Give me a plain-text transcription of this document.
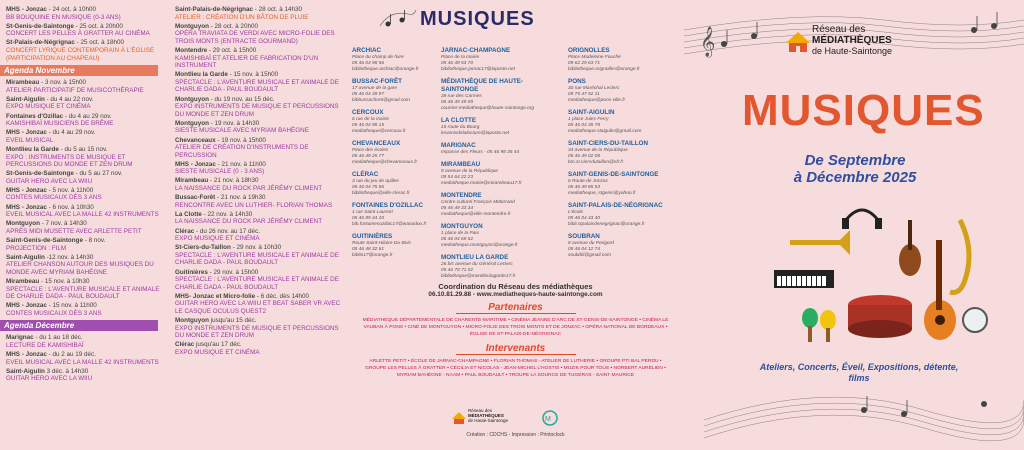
MHS - Jonzac - 24 oct. à 10h00
BB BOUQUINE EN MUSIQUE (0-3 ANS)
St-Genis-de-Saintonge - 25 oct. à 20h00
CONCERT LES PELLES À GRATTER AU CINÉMA
St-Palais-de-Négrignac - 25 oct. à 18h00
CONCERT LYRIQUE CONTEMPORAIN À L'ÉGLISE (PARTICIPATION AU CHAPEAU)
Agenda Novembre
Mirambeau - 3 nov. à 15h00
ATELIER PARTICIPATIF DE MUSICOTHÉRAPIE
Saint-Aigulin - du 4 au 22 nov.
EXPO MUSIQUE ET CINÉMA
Fontaines d'Ozillac - du 4 au 29 nov.
KAMISHIBAÏ MUSICIENS DE BRÊME
MHS - Jonzac - du 4 au 29 nov.
EVEIL MUSICAL
Montlieu la Garde - du 5 au 15 nov.
EXPO : INSTRUMENTS DE MUSIQUE ET PERCUSSIONS DU MONDE ET ZEN DRUM
St-Genis-de-Saintonge - du 5 au 27 nov.
GUITAR HERO AVEC LA WIIU
MHS - Jonzac - 5 nov. à 11h00
CONTES MUSICAUX DÈS 3 ANS
MHS - Jonzac - 6 nov. à 10h30
EVEIL MUSICAL AVEC LA MALLE 42 INSTRUMENTS
Montguyon - 7 nov. à 14h30
APRÈS MIDI MUSETTE AVEC ARLETTE PETIT
Saint-Genis-de-Saintonge - 8 nov.
PROJECTION : FILM
Saint-Aigulin -12 nov. à 14h30
ATELIER CHANSON AUTOUR DES MUSIQUES DU MONDE AVEC MYRIAM BAHÈGNE
Mirambeau - 15 nov. à 10h30
SPECTACLE : L'AVENTURE MUSICALE ET ANIMALE DE CHARLIE DADA - PAUL BOUDAULT
MHS - Jonzac - 15 nov. à 11h00
CONTES MUSICAUX DÈS 3 ANS
Agenda Décembre
Marignac - du 1 au 18 déc.
LECTURE DE KAMISHIBAÏ
MHS - Jonzac - du 2 au 19 déc.
EVEIL MUSICAL AVEC LA MALLE 42 INSTRUMENTS
Saint-Aigulin 3 déc. à 14h30
GUITAR HERO AVEC LA WIIU
Saint-Palais-de-Négrignac - 28 oct. à 14h30
ATELIER : CRÉATION D'UN BÂTON DE PLUIE
Montguyon - 28 oct. à 20h00
OPÉRA TRAVIATA DE VERDI AVEC MICRO-FOLIE DES TROIS MONTS (ENTRACTE GOURMAND)
Montendre - 29 oct. à 15h00
KAMISHIBAÏ ET ATELIER DE FABRICATION D'UN INSTRUMENT
Montlieu la Garde - 15 nov. à 15h00
SPECTACLE : L'AVENTURE MUSICALE ET ANIMALE DE CHARLIE DADA - PAUL BOUDAULT
Montguyon - du 19 nov. au 15 déc.
EXPO INSTRUMENTS DE MUSIQUE ET PERCUSSIONS DU MONDE ET ZEN DRUM
Montguyon - 19 nov. à 14h30
SIESTE MUSICALE AVEC MYRIAM BAHÈGNE
Chevanceaux - 19 nov. à 15h00
ATELIER DE CRÉATION D'INSTRUMENTS DE PERCUSSION
MHS - Jonzac - 21 nov. à 11h00
SIESTE MUSICALE (0 - 3 ANS)
Mirambeau - 21 nov. à 18h30
LA NAISSANCE DU ROCK PAR JÉRÉMY CLIMENT
Bussac-Forêt - 21 nov. à 19h30
RENCONTRE AVEC UN LUTHIER- FLORIAN THOMAS
La Clotte - 22 nov. à 14h30
LA NAISSANCE DU ROCK PAR JÉRÉMY CLIMENT
Clérac - du 26 nov. au 17 déc.
EXPO MUSIQUE ET CINÉMA
St-Ciers-du-Taillon - 29 nov. à 10h30
SPECTACLE : L'AVENTURE MUSICALE ET ANIMALE DE CHARLIE DADA - PAUL BOUDAULT
Guitinières - 29 nov. à 15h00
SPECTACLE : L'AVENTURE MUSICALE ET ANIMALE DE CHARLIE DADA - PAUL BOUDAULT
MHS- Jonzac et Micro-folie - 6 déc. dès 14h00
GUITAR HERO AVEC LA WIIU ET BEAT SABER VR AVEC LE CASQUE OCULUS QUEST2
Montguyon jusqu'au 15 déc.
EXPO INSTRUMENTS DE MUSIQUE ET PERCUSSIONS DU MONDE ET ZEN DRUM
Clérac jusqu'au 17 déc.
EXPO MUSIQUE ET CINÉMA
MUSIQUES
ARCHIAC
Place du champ de foire
05 46 04 98 56
bibliotheque.archiac@orange.fr
BUSSAC-FORÊT
17 avenue de la gare
05 46 04 39 97
bibbussacforet@gmail.com
CERCOUX
6 rue de la mairie
05 46 04 98 15
mediatheque@cercoux.fr
CHEVANCEAUX
Place des écoles
05 46 49 25 77
mediatheque@chevanceaux.fr
CLÉRAC
3 rue du jeu de quilles
05 46 04 75 56
bibliotheque@ville-clerac.fr
FONTAINES D'OZILLAC
1 rue Saint Laurent
05 46 85 44 10
bib.fontainesozillac17@wanadoo.fr
GUITINIÈRES
Route Saint-Hilaire-Du-Bois
05 46 48 32 61
biblio17@orange.fr
JARNAC-CHAMPAGNE
Place de la mairie
05 46 49 53 70
bibliotheque.jarnac17@laposte.net
MÉDIATHÈQUE DE HAUTE-SAINTONGE
39 rue des Carmes
05 46 49 49 09
courrier-mediatheque@haute-saintonge.org
LA CLOTTE
15 route du Bourg
lesamisdelalecture@laposte.net
MARIGNAC
Impasse des Fleurs - 05 46 98 35 44
MIRAMBEAU
9 avenue de la République
09 54 64 22 23
mediatheque.mairie@mirambeau17.fr
MONTENDRE
Centre culturel François Mitterrand
05 46 49 33 34
mediatheque@ville-montendre.fr
MONTGUYON
1 place de la Paix
05 46 04 69 52
mediatheque.montguyon@orange.fr
MONTLIEU LA GARDE
26 bis avenue du Général Leclerc
05 46 70 71 02
bibliotheque@montlieulagarde17.fr
ORIGNOLLES
Place Madeleine Fouché
09 62 29 63 71
bibliotheque.orignolles@orange.fr
PONS
30 rue Maréchal Leclerc
09 75 47 52 11
mediatheque@pons-ville.fr
SAINT-AIGULIN
1 place Jules Ferry
05 46 04 35 78
mediatheque.staigulin@gmail.com
SAINT-CIERS-DU-TAILLON
34 avenue de la République
05 46 49 02 08
bm.st.ciersdutaillon@sfr.fr
SAINT-GENIS-DE-SAINTONGE
6 Route de Jonzac
05 46 49 85 53
mediatheque_stgenis@yahoo.fr
SAINT-PALAIS-DE-NÉGRIGNAC
L'école
05 46 04 43 40
bibli.stpalaisdenegrignac@orange.fr
SOUBRAN
8 avenue du Perigord
05 46 04 12 74
soubibli@gmail.com
Coordination du Réseau des médiathèques
06.10.81.29.88 - www.mediatheques-haute-saintonge.com
Partenaires
MÉDIATHÈQUE DÉPARTEMENTALE DE CHARENTE-MARITIME • CINÉMA JEANNE D'ARC DE ST-GENIS-DE-SAINTONGE • CINÉMA LE VAUBAN À PONS • CINÉ DE MONTGUYON • MICRO-FOLIE DES TROIS MONTS ET DE JONZAC • OPÉRA NATIONAL DE BORDEAUX • ÉGLISE DE ST-PALAIS-DE-NÉGRIGNAC
Intervenants
ARLETTE PETIT • ÉCOLE DE JARNAC-CHAMPAGNE • FLORIAN THOMAS - ATELIER DE LUTHERIE • GROUPE PTI BAL PERDU • GROUPE LES PELLES À GRATTER • CÉCILIA ET NICOLAS - JEAN-MICHEL L'HOSTIS • MUZIK POUR TOUS • NORBERT AURÉLIEN • MYRIAM BAHÈGNE - NAAM • PAUL BOUDAULT • TROUPE LA SOURCE DE TUGÉRAS - SAINT MAURICE
Réseau des
MÉDIATHÈQUES
de Haute-Saintonge	M
Création : CDCHS - Impression : Printoclock
𝄞	Réseau des
MÉDIATHÈQUES
de Haute-Saintonge
MUSIQUES
De Septembre
à Décembre 2025
Ateliers, Concerts, Éveil, Expositions, détente, films
